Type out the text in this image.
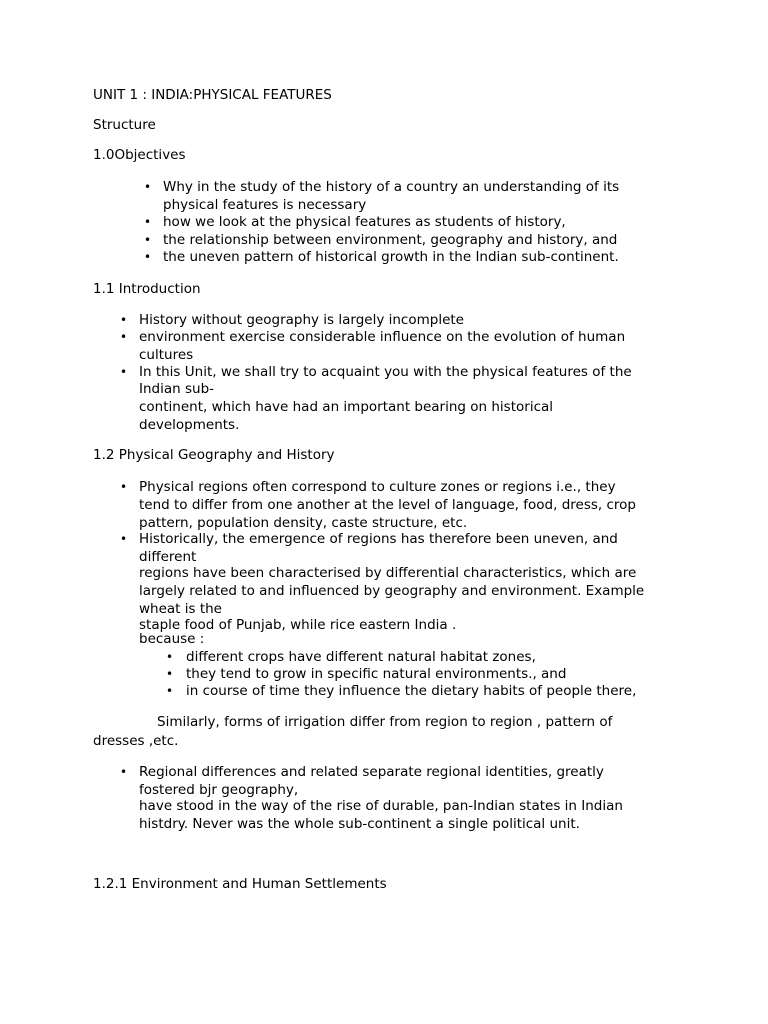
UNIT 1 : INDIA:PHYSICAL FEATURES
Structure
1.0Objectives
• Why in the study of the history of a country an understanding of its
physical features is necessary
• how we look at the physical features as students of history,
• the relationship between environment, geography and history, and
• the uneven pattern of historical growth in the Indian sub-continent.
1.1 Introduction
• History without geography is largely incomplete
• environment exercise considerable influence on the evolution of human
cultures
• In this Unit, we shall try to acquaint you with the physical features of the
Indian sub-
continent, which have had an important bearing on historical
developments.
1.2 Physical Geography and History
• Physical regions often correspond to culture zones or regions i.e., they
tend to differ from one another at the level of language, food, dress, crop
pattern, population density, caste structure, etc.
• Historically, the emergence of regions has therefore been uneven, and
different
regions have been characterised by differential characteristics, which are
largely related to and influenced by geography and environment. Example
wheat is the
staple food of Punjab, while rice eastern India .
because :
• different crops have different natural habitat zones,
• they tend to grow in specific natural environments., and
• in course of time they influence the dietary habits of people there,
Similarly, forms of irrigation differ from region to region , pattern of
dresses ,etc.
• Regional differences and related separate regional identities, greatly
fostered bjr geography,
have stood in the way of the rise of durable, pan-Indian states in Indian
histdry. Never was the whole sub-continent a single political unit.
1.2.1 Environment and Human Settlements
